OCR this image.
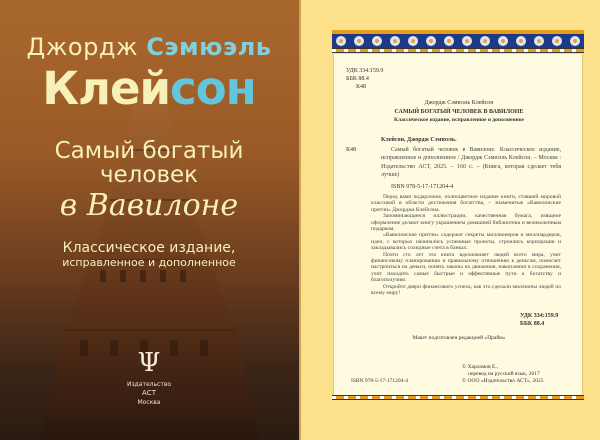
Джордж Сэмюэль
Клейсон
Самый богатый
человек
в Вавилоне
Классическое издание,
исправленное и дополненное
Ψ
Издательство
АСТ
Москва
УДК 334:159.9
ББК 88.4
К48
Джордж Сэмюэль Клейсон
САМЫЙ БОГАТЫЙ ЧЕЛОВЕК В ВАВИЛОНЕ
Классическое издание, исправленное и дополненное
Клейсон, Джордж Сэмюэль.
К48	Самый богатый человек в Вавилоне. Классическое издание, исправленное и дополненное / Джордж Сэмюэль Клейсон. – Москва : Издательство АСТ, 2025. – 160 с. – (Книга, которая сделает тебя лучше)
ISBN 978-5-17-171204-4

Перед вами подарочное, полноцветное издание книги, ставшей мировой классикой в области достижения богатства, – знаменитые «Вавилонские притчи» Джорджа Клейсона.

Запоминающиеся иллюстрации, качественная бумага, изящное оформление делают книгу украшением домашней библиотеки и великолепным подарком.

«Вавилонские притчи» содержат секреты миллионеров и миллиардеров, идеи, с которых начинались успешные проекты, строились корпорации и закладывались солидные счета в банках.

Почти сто лет эта книга вдохновляет людей всего мира, учит финансовому планированию и правильному отношению к деньгам, помогает настроиться на деньги, понять законы их движения, накопления и сохранения, учит находить самые быстрые и эффективные пути к богатству и благополучию.

Откройте двери финансового успеха, как это сделали миллионы людей по всему миру!

УДК 334:159.9
ББК 88.4
Макет подготовлен редакцией «Прайм»
© Харламов Е.,
перевод на русский язык, 2017
© ООО «Издательство АСТ», 2025
ISBN 978-5-17-171204-4
